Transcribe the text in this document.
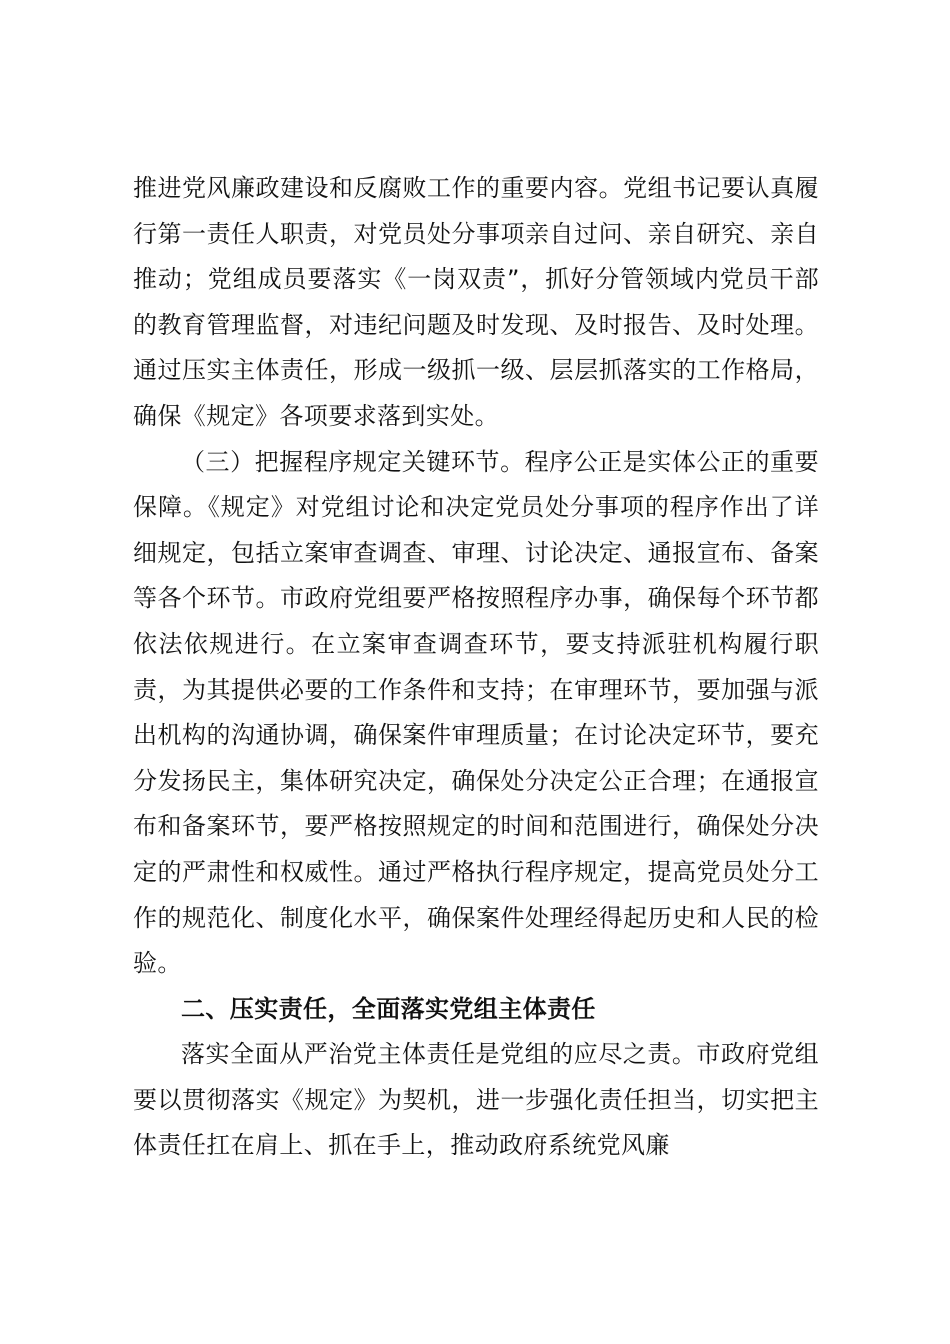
推进党风廉政建设和反腐败工作的重要内容。党组书记要认真履行第一责任人职责，对党员处分事项亲自过问、亲自研究、亲自推动；党组成员要落实《一岗双责”，抓好分管领域内党员干部的教育管理监督，对违纪问题及时发现、及时报告、及时处理。通过压实主体责任，形成一级抓一级、层层抓落实的工作格局，确保《规定》各项要求落到实处。

（三）把握程序规定关键环节。程序公正是实体公正的重要保障。《规定》对党组讨论和决定党员处分事项的程序作出了详细规定，包括立案审查调查、审理、讨论决定、通报宣布、备案等各个环节。市政府党组要严格按照程序办事，确保每个环节都依法依规进行。在立案审查调查环节，要支持派驻机构履行职责，为其提供必要的工作条件和支持；在审理环节，要加强与派出机构的沟通协调，确保案件审理质量；在讨论决定环节，要充分发扬民主，集体研究决定，确保处分决定公正合理；在通报宣布和备案环节，要严格按照规定的时间和范围进行，确保处分决定的严肃性和权威性。通过严格执行程序规定，提高党员处分工作的规范化、制度化水平，确保案件处理经得起历史和人民的检验。

二、压实责任，全面落实党组主体责任

落实全面从严治党主体责任是党组的应尽之责。市政府党组要以贯彻落实《规定》为契机，进一步强化责任担当，切实把主体责任扛在肩上、抓在手上，推动政府系统党风廉
